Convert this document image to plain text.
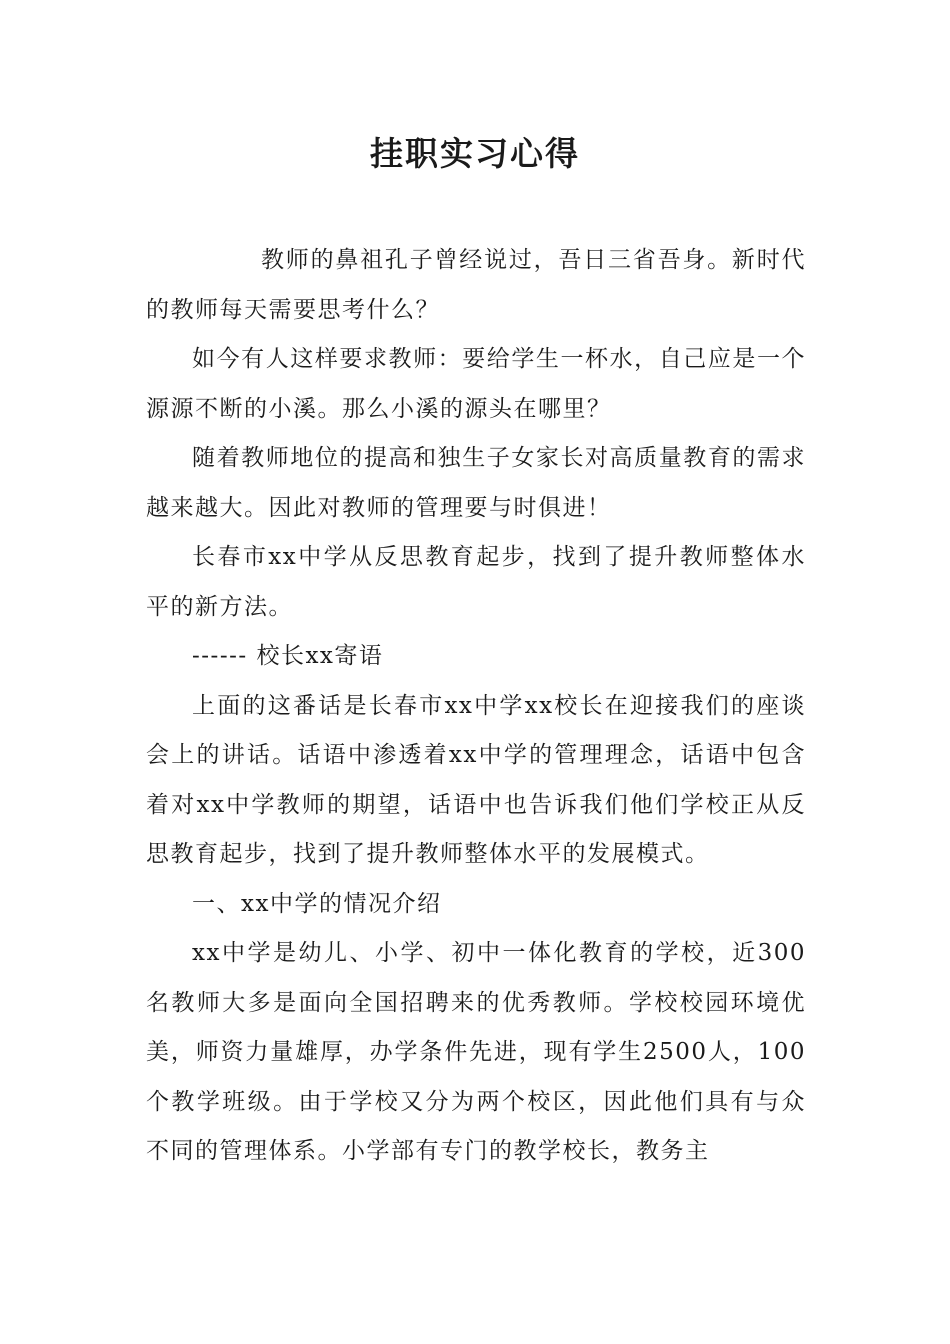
挂职实习心得

教师的鼻祖孔子曾经说过，吾日三省吾身。新时代的教师每天需要思考什么？

如今有人这样要求教师：要给学生一杯水，自己应是一个源源不断的小溪。那么小溪的源头在哪里？

随着教师地位的提高和独生子女家长对高质量教育的需求越来越大。因此对教师的管理要与时俱进！

长春市xx中学从反思教育起步，找到了提升教师整体水平的新方法。

------ 校长xx寄语

上面的这番话是长春市xx中学xx校长在迎接我们的座谈会上的讲话。话语中渗透着xx中学的管理理念，话语中包含着对xx中学教师的期望，话语中也告诉我们他们学校正从反思教育起步，找到了提升教师整体水平的发展模式。

一、xx中学的情况介绍

xx中学是幼儿、小学、初中一体化教育的学校，近300名教师大多是面向全国招聘来的优秀教师。学校校园环境优美，师资力量雄厚，办学条件先进，现有学生2500人，100个教学班级。由于学校又分为两个校区，因此他们具有与众不同的管理体系。小学部有专门的教学校长，教务主
